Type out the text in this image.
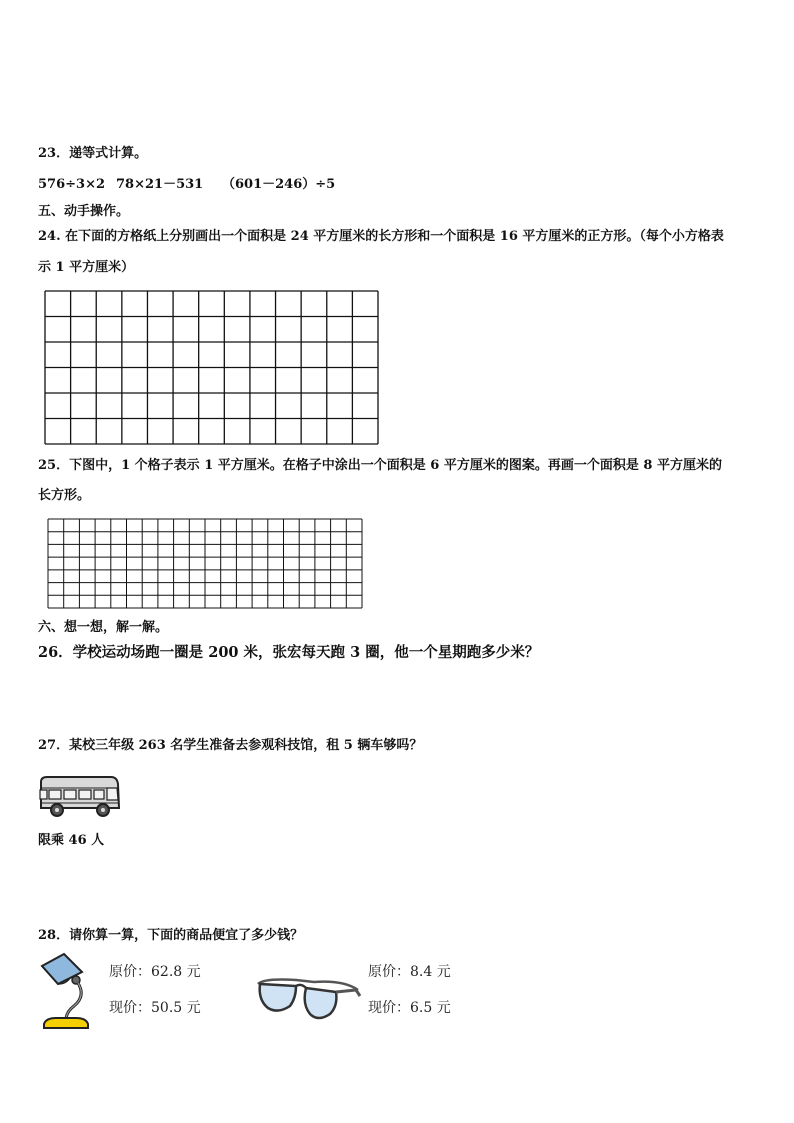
23．递等式计算。
576÷3×2 78×21－531 （601－246）÷5
五、动手操作。
24. 在下面的方格纸上分别画出一个面积是 24 平方厘米的长方形和一个面积是 16 平方厘米的正方形。（每个小方格表
示 1 平方厘米）
25．下图中，1 个格子表示 1 平方厘米。在格子中涂出一个面积是 6 平方厘米的图案。再画一个面积是 8 平方厘米的
长方形。
六、想一想，解一解。
26．学校运动场跑一圈是 200 米，张宏每天跑 3 圈，他一个星期跑多少米？
27．某校三年级 263 名学生准备去参观科技馆，租 5 辆车够吗？
限乘 46 人
28．请你算一算，下面的商品便宜了多少钱？
原价：62.8 元
现价：50.5 元
原价：8.4 元
现价：6.5 元
